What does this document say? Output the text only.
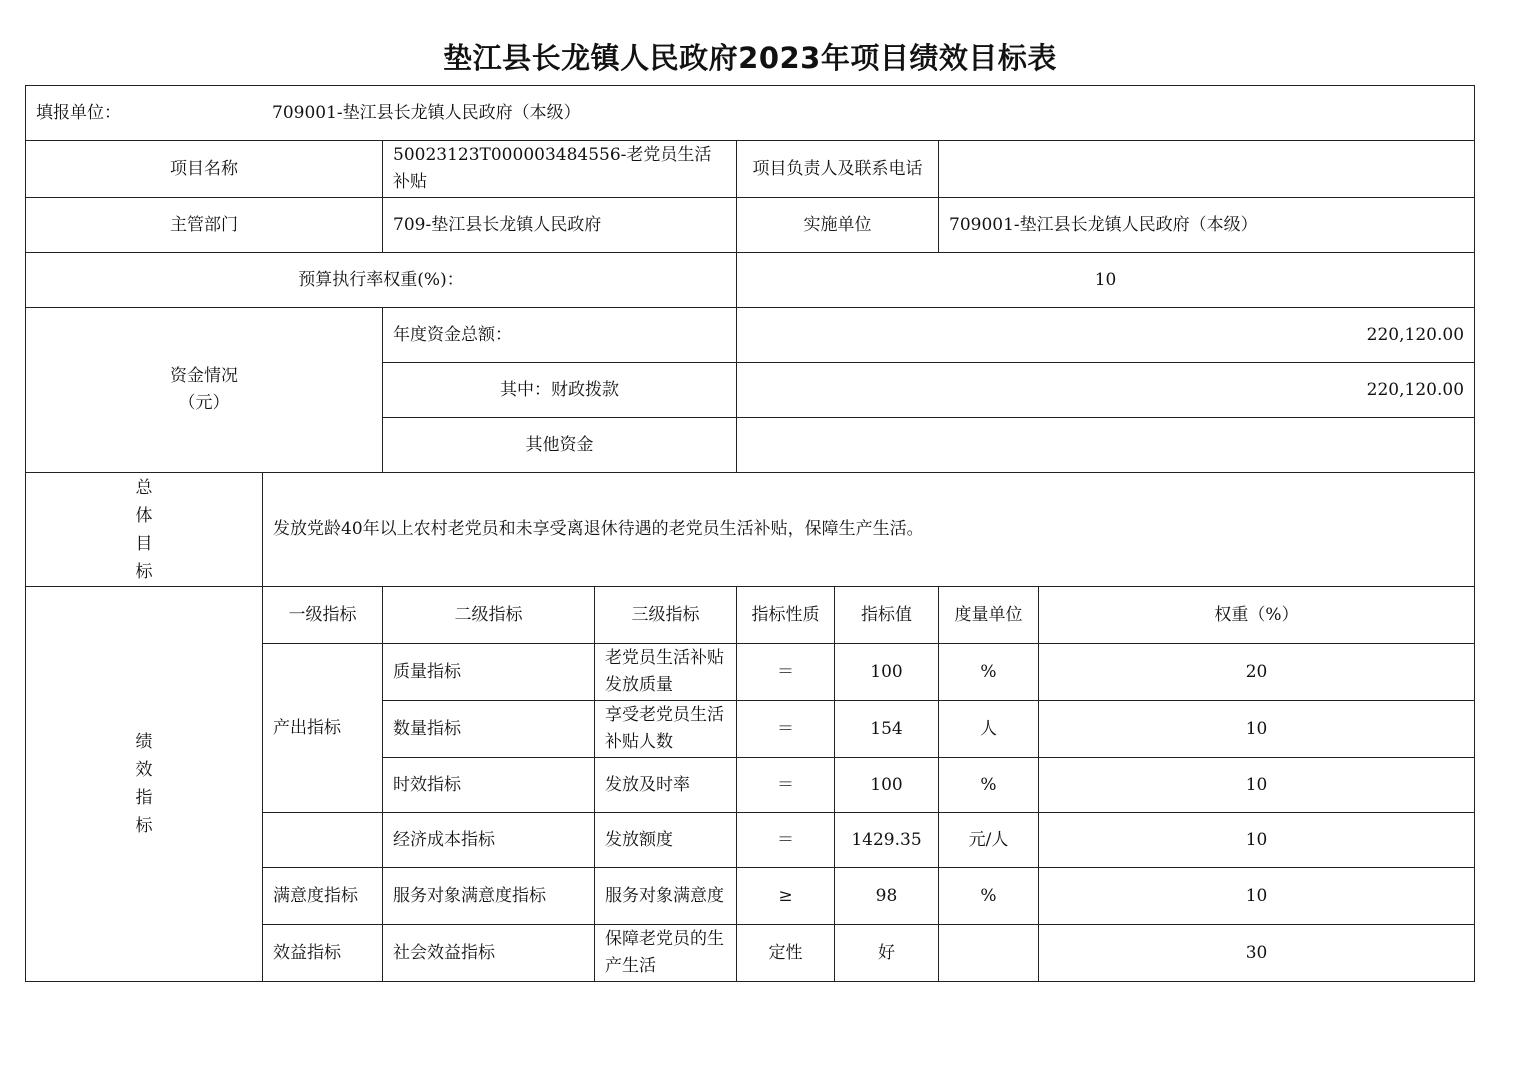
垫江县长龙镇人民政府2023年项目绩效目标表
填报单位： 709001-垫江县长龙镇人民政府（本级）							
项目名称		50023123T000003484556-老党员生活补贴		项目负责人及联系电话			
主管部门		709-垫江县长龙镇人民政府		实施单位		709001-垫江县长龙镇人民政府（本级）	
预算执行率权重(%)：				10			

资金情况
（元）		年度资金总额：		220,120.00			
		其中：财政拨款		220,120.00			
		其他资金					

总
体
目
标	发放党龄40年以上农村老党员和未享受离退休待遇的老党员生活补贴，保障生产生活。						

绩
效
指
标	一级指标	二级指标	三级指标	指标性质	指标值	度量单位	权重（%）
	产出指标	质量指标	老党员生活补贴发放质量	＝	100	%	20
		数量指标	享受老党员生活补贴人数	＝	154	人	10
		时效指标	发放及时率	＝	100	%	10
		经济成本指标	发放额度	＝	1429.35	元/人	10
	满意度指标	服务对象满意度指标	服务对象满意度	≥	98	%	10
	效益指标	社会效益指标	保障老党员的生产生活	定性	好		30
